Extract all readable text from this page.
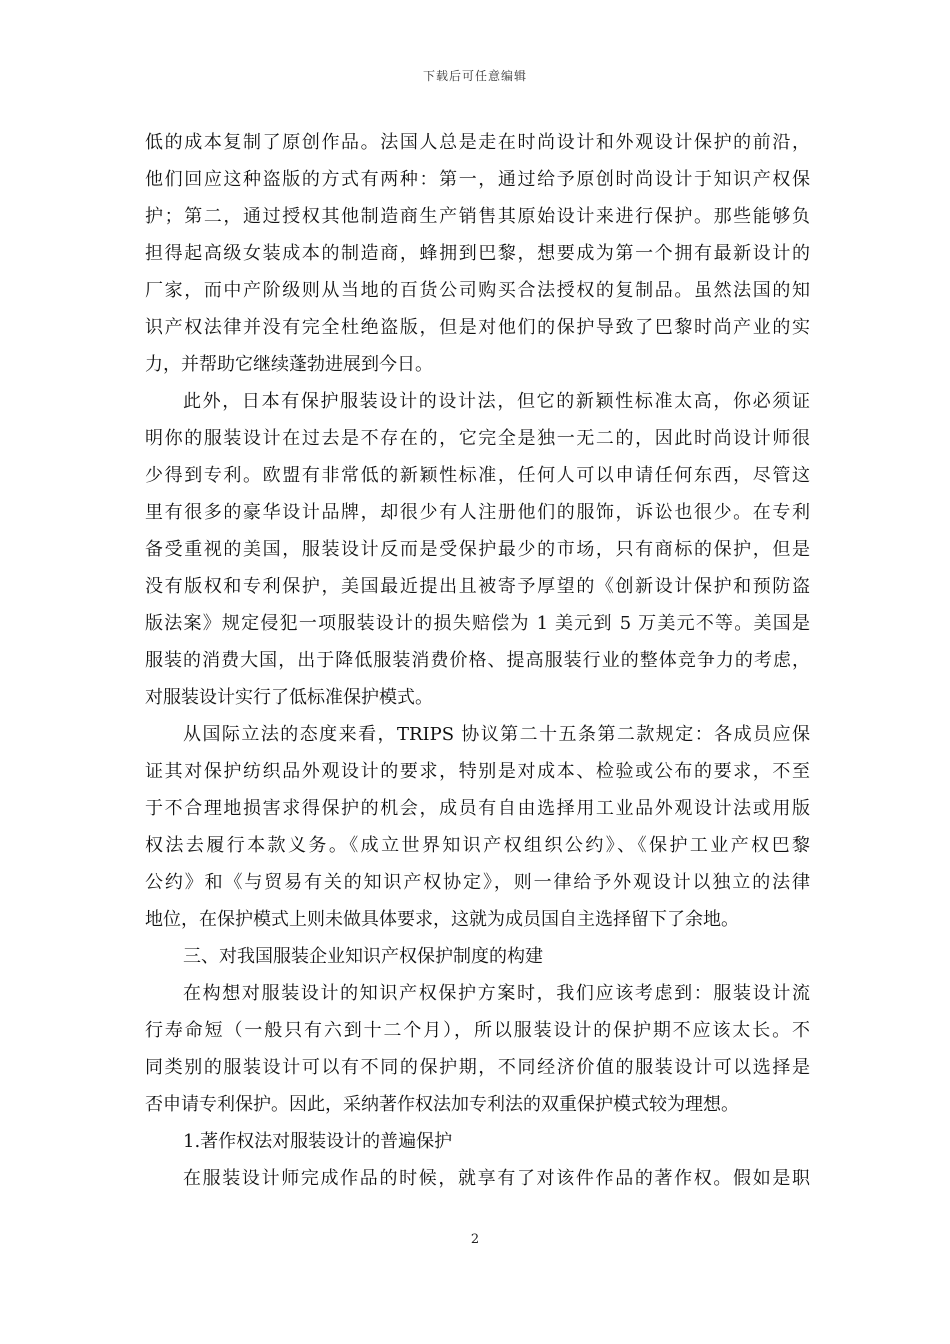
下载后可任意编辑
低的成本复制了原创作品。法国人总是走在时尚设计和外观设计保护的前沿，
他们回应这种盗版的方式有两种：第一，通过给予原创时尚设计于知识产权保
护；第二，通过授权其他制造商生产销售其原始设计来进行保护。那些能够负
担得起高级女装成本的制造商，蜂拥到巴黎，想要成为第一个拥有最新设计的
厂家，而中产阶级则从当地的百货公司购买合法授权的复制品。虽然法国的知
识产权法律并没有完全杜绝盗版，但是对他们的保护导致了巴黎时尚产业的实
力，并帮助它继续蓬勃进展到今日。
此外，日本有保护服装设计的设计法，但它的新颖性标准太高，你必须证
明你的服装设计在过去是不存在的，它完全是独一无二的，因此时尚设计师很
少得到专利。欧盟有非常低的新颖性标准，任何人可以申请任何东西，尽管这
里有很多的豪华设计品牌，却很少有人注册他们的服饰，诉讼也很少。在专利
备受重视的美国，服装设计反而是受保护最少的市场，只有商标的保护，但是
没有版权和专利保护，美国最近提出且被寄予厚望的《创新设计保护和预防盗
版法案》规定侵犯一项服装设计的损失赔偿为 1 美元到 5 万美元不等。美国是
服装的消费大国，出于降低服装消费价格、提高服装行业的整体竞争力的考虑，
对服装设计实行了低标准保护模式。
从国际立法的态度来看，TRIPS 协议第二十五条第二款规定：各成员应保
证其对保护纺织品外观设计的要求，特别是对成本、检验或公布的要求，不至
于不合理地损害求得保护的机会，成员有自由选择用工业品外观设计法或用版
权法去履行本款义务。《成立世界知识产权组织公约》、《保护工业产权巴黎
公约》和《与贸易有关的知识产权协定》，则一律给予外观设计以独立的法律
地位，在保护模式上则未做具体要求，这就为成员国自主选择留下了余地。
三、对我国服装企业知识产权保护制度的构建
在构想对服装设计的知识产权保护方案时，我们应该考虑到：服装设计流
行寿命短（一般只有六到十二个月），所以服装设计的保护期不应该太长。不
同类别的服装设计可以有不同的保护期，不同经济价值的服装设计可以选择是
否申请专利保护。因此，采纳著作权法加专利法的双重保护模式较为理想。
1.著作权法对服装设计的普遍保护
在服装设计师完成作品的时候，就享有了对该件作品的著作权。假如是职
2
